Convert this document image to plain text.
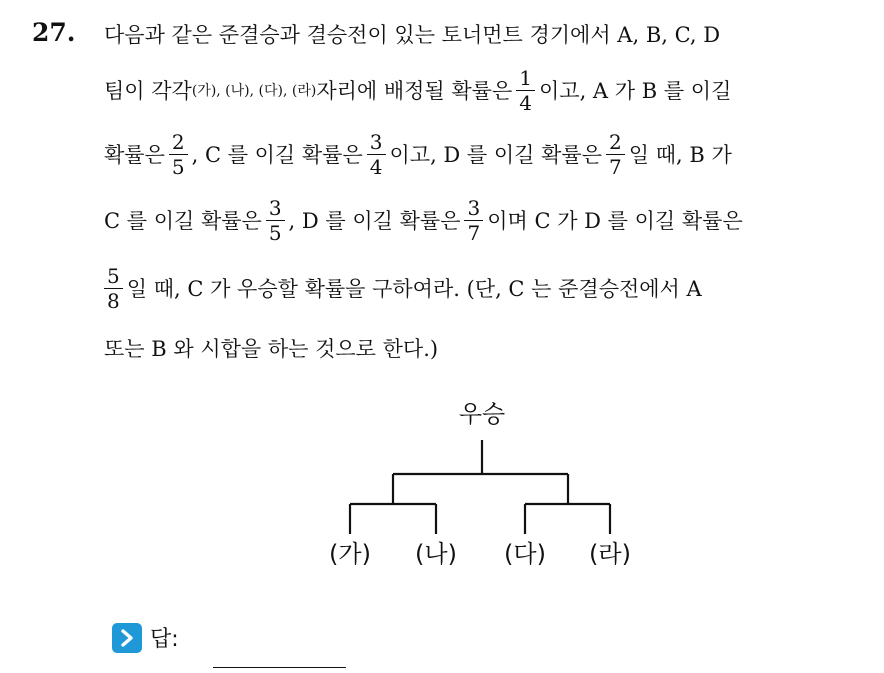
27. 다음과 같은 준결승과 결승전이 있는 토너먼트 경기에서 A, B, C, D
팀이 각각 (가), (나), (다), (라) 자리에 배정될 확률은 $\frac{1}{4}$ 이고, A 가 B 를 이길
확률은 $\frac{2}{5}$ , C 를 이길 확률은 $\frac{3}{4}$ 이고, D 를 이길 확률은 $\frac{2}{7}$ 일 때, B 가
C 를 이길 확률은 $\frac{3}{5}$ , D 를 이길 확률은 $\frac{3}{7}$ 이며 C 가 D 를 이길 확률은
$\frac{5}{8}$ 일 때, C 가 우승할 확률을 구하여라. (단, C 는 준결승전에서 A
또는 B 와 시합을 하는 것으로 한다.)
우승
(가) (나) (다) (라)
답:
